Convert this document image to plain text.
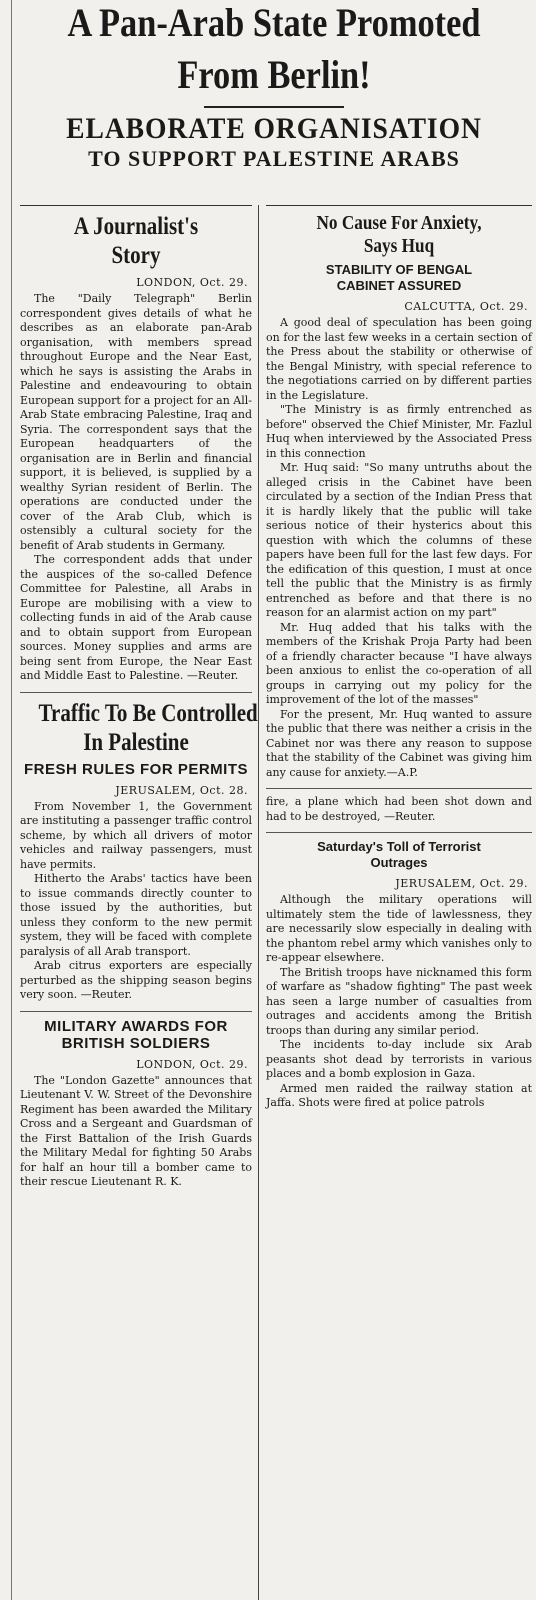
A Pan-Arab State Promoted
From Berlin!
ELABORATE ORGANISATION
TO SUPPORT PALESTINE ARABS
A Journalist's
Story
LONDON, Oct. 29.

The "Daily Telegraph" Berlin correspondent gives details of what he describes as an elaborate pan-Arab organisation, with members spread throughout Europe and the Near East, which he says is assisting the Arabs in Palestine and endeavouring to obtain European support for a project for an All-Arab State embracing Palestine, Iraq and Syria. The correspondent says that the European headquarters of the organisation are in Berlin and financial support, it is believed, is supplied by a wealthy Syrian resident of Berlin. The operations are conducted under the cover of the Arab Club, which is ostensibly a cultural society for the benefit of Arab students in Germany.

The correspondent adds that under the auspices of the so-called Defence Committee for Palestine, all Arabs in Europe are mobilising with a view to collecting funds in aid of the Arab cause and to obtain support from European sources. Money supplies and arms are being sent from Europe, the Near East and Middle East to Palestine. —Reuter.

Traffic To Be Controlled
In Palestine
FRESH RULES FOR PERMITS
JERUSALEM, Oct. 28.

From November 1, the Government are instituting a passenger traffic control scheme, by which all drivers of motor vehicles and railway passengers, must have permits.

Hitherto the Arabs' tactics have been to issue commands directly counter to those issued by the authorities, but unless they conform to the new permit system, they will be faced with complete paralysis of all Arab transport.

Arab citrus exporters are especially perturbed as the shipping season begins very soon. —Reuter.

MILITARY AWARDS FOR
BRITISH SOLDIERS
LONDON, Oct. 29.

The "London Gazette" announces that Lieutenant V. W. Street of the Devonshire Regiment has been awarded the Military Cross and a Sergeant and Guardsman of the First Battalion of the Irish Guards the Military Medal for fighting 50 Arabs for half an hour till a bomber came to their rescue Lieutenant R. K.

No Cause For Anxiety,
Says Huq
STABILITY OF BENGAL
CABINET ASSURED
CALCUTTA, Oct. 29.

A good deal of speculation has been going on for the last few weeks in a certain section of the Press about the stability or otherwise of the Bengal Ministry, with special reference to the negotiations carried on by different parties in the Legislature.

"The Ministry is as firmly entrenched as before" observed the Chief Minister, Mr. Fazlul Huq when interviewed by the Associated Press in this connection

Mr. Huq said: "So many untruths about the alleged crisis in the Cabinet have been circulated by a section of the Indian Press that it is hardly likely that the public will take serious notice of their hysterics about this question with which the columns of these papers have been full for the last few days. For the edification of this question, I must at once tell the public that the Ministry is as firmly entrenched as before and that there is no reason for an alarmist action on my part"

Mr. Huq added that his talks with the members of the Krishak Proja Party had been of a friendly character because "I have always been anxious to enlist the co-operation of all groups in carrying out my policy for the improvement of the lot of the masses"

For the present, Mr. Huq wanted to assure the public that there was neither a crisis in the Cabinet nor was there any reason to suppose that the stability of the Cabinet was giving him any cause for anxiety.—A.P.

fire, a plane which had been shot down and had to be destroyed, —Reuter.

Saturday's Toll of Terrorist
Outrages
JERUSALEM, Oct. 29.

Although the military operations will ultimately stem the tide of lawlessness, they are necessarily slow especially in dealing with the phantom rebel army which vanishes only to re-appear elsewhere.

The British troops have nicknamed this form of warfare as "shadow fighting" The past week has seen a large number of casualties from outrages and accidents among the British troops than during any similar period.

The incidents to-day include six Arab peasants shot dead by terrorists in various places and a bomb explosion in Gaza.

Armed men raided the railway station at Jaffa. Shots were fired at police patrols
